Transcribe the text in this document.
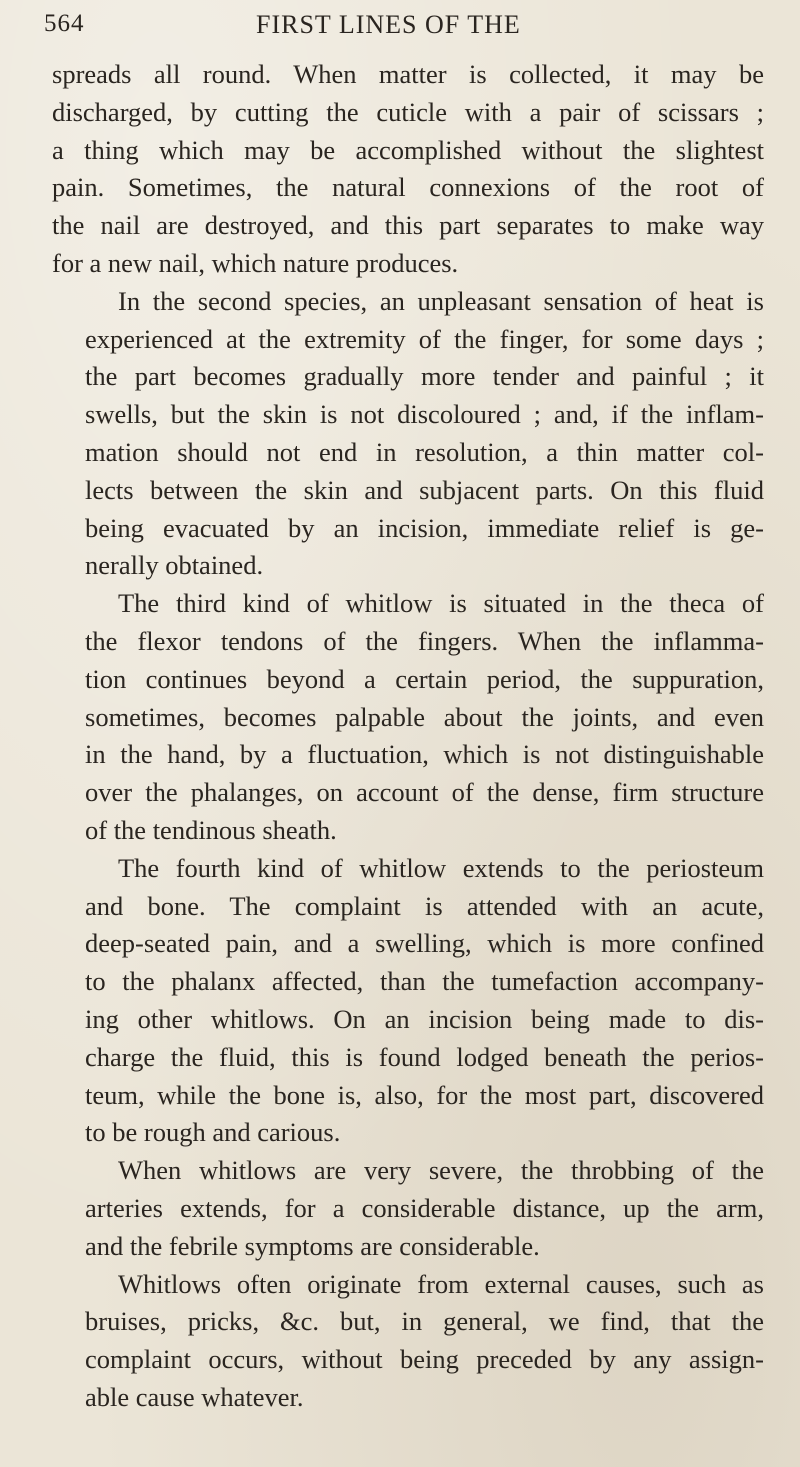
564	FIRST LINES OF THE
spreads all round. When matter is collected, it may be
discharged, by cutting the cuticle with a pair of scissars ;
a thing which may be accomplished without the slightest
pain. Sometimes, the natural connexions of the root of
the nail are destroyed, and this part separates to make way
for a new nail, which nature produces.
In the second species, an unpleasant sensation of heat is
experienced at the extremity of the finger, for some days ;
the part becomes gradually more tender and painful ; it
swells, but the skin is not discoloured ; and, if the inflam-
mation should not end in resolution, a thin matter col-
lects between the skin and subjacent parts. On this fluid
being evacuated by an incision, immediate relief is ge-
nerally obtained.
The third kind of whitlow is situated in the theca of
the flexor tendons of the fingers. When the inflamma-
tion continues beyond a certain period, the suppuration,
sometimes, becomes palpable about the joints, and even
in the hand, by a fluctuation, which is not distinguishable
over the phalanges, on account of the dense, firm structure
of the tendinous sheath.
The fourth kind of whitlow extends to the periosteum
and bone. The complaint is attended with an acute,
deep-seated pain, and a swelling, which is more confined
to the phalanx affected, than the tumefaction accompany-
ing other whitlows. On an incision being made to dis-
charge the fluid, this is found lodged beneath the perios-
teum, while the bone is, also, for the most part, discovered
to be rough and carious.
When whitlows are very severe, the throbbing of the
arteries extends, for a considerable distance, up the arm,
and the febrile symptoms are considerable.
Whitlows often originate from external causes, such as
bruises, pricks, &c. but, in general, we find, that the
complaint occurs, without being preceded by any assign-
able cause whatever.
